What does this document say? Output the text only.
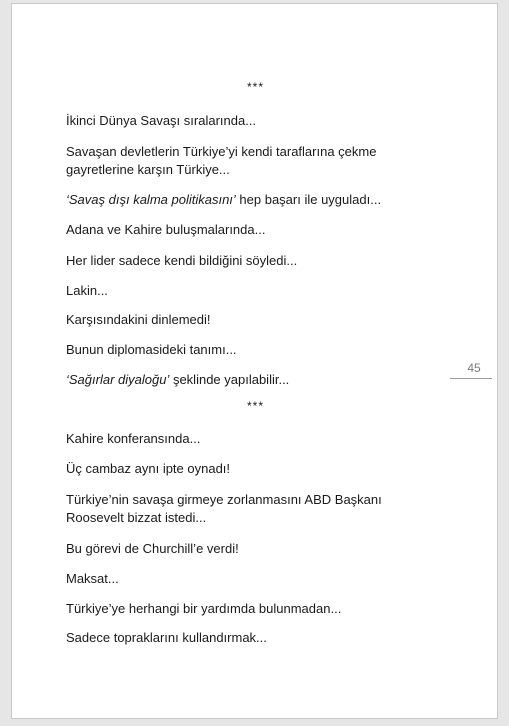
***
İkinci Dünya Savaşı sıralarında...
Savaşan devletlerin Türkiye’yi kendi taraflarına çekme gayretlerine karşın Türkiye...
‘Savaş dışı kalma politikasını’ hep başarı ile uyguladı...
Adana ve Kahire buluşmalarında...
Her lider sadece kendi bildiğini söyledi...
Lakin...
Karşısındakini dinlemedi!
Bunun diplomasideki tanımı...
‘Sağırlar diyaloğu’ şeklinde yapılabilir...
45
***
Kahire konferansında...
Üç cambaz aynı ipte oynadı!
Türkiye’nin savaşa girmeye zorlanmasını ABD Başkanı Roosevelt bizzat istedi...
Bu görevi de Churchill’e verdi!
Maksat...
Türkiye’ye herhangi bir yardımda bulunmadan...
Sadece topraklarını kullandırmak...
